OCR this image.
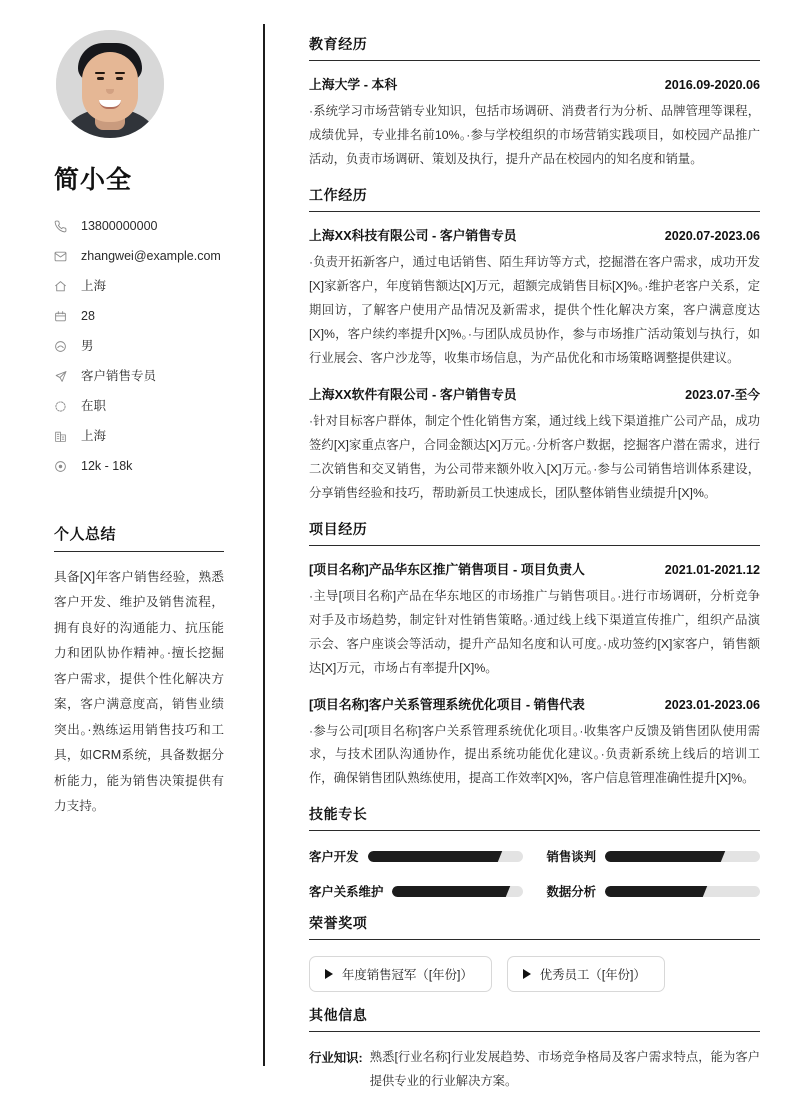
简小全
13800000000
zhangwei@example.com
上海
28
男
客户销售专员
在职
上海
12k - 18k
个人总结

具备[X]年客户销售经验，熟悉客户开发、维护及销售流程，拥有良好的沟通能力、抗压能力和团队协作精神。·擅长挖掘客户需求，提供个性化解决方案，客户满意度高，销售业绩突出。·熟练运用销售技巧和工具，如CRM系统，具备数据分析能力，能为销售决策提供有力支持。

教育经历
上海大学 - 本科	2016.09-2020.06

·系统学习市场营销专业知识，包括市场调研、消费者行为分析、品牌管理等课程，成绩优异，专业排名前10%。·参与学校组织的市场营销实践项目，如校园产品推广活动，负责市场调研、策划及执行，提升产品在校园内的知名度和销量。

工作经历
上海XX科技有限公司 - 客户销售专员	2020.07-2023.06

·负责开拓新客户，通过电话销售、陌生拜访等方式，挖掘潜在客户需求，成功开发[X]家新客户，年度销售额达[X]万元，超额完成销售目标[X]%。·维护老客户关系，定期回访，了解客户使用产品情况及新需求，提供个性化解决方案，客户满意度达[X]%，客户续约率提升[X]%。·与团队成员协作，参与市场推广活动策划与执行，如行业展会、客户沙龙等，收集市场信息，为产品优化和市场策略调整提供建议。

上海XX软件有限公司 - 客户销售专员	2023.07-至今

·针对目标客户群体，制定个性化销售方案，通过线上线下渠道推广公司产品，成功签约[X]家重点客户，合同金额达[X]万元。·分析客户数据，挖掘客户潜在需求，进行二次销售和交叉销售，为公司带来额外收入[X]万元。·参与公司销售培训体系建设，分享销售经验和技巧，帮助新员工快速成长，团队整体销售业绩提升[X]%。

项目经历
[项目名称]产品华东区推广销售项目 - 项目负责人	2021.01-2021.12

·主导[项目名称]产品在华东地区的市场推广与销售项目。·进行市场调研，分析竞争对手及市场趋势，制定针对性销售策略。·通过线上线下渠道宣传推广，组织产品演示会、客户座谈会等活动，提升产品知名度和认可度。·成功签约[X]家客户，销售额达[X]万元，市场占有率提升[X]%。

[项目名称]客户关系管理系统优化项目 - 销售代表	2023.01-2023.06

·参与公司[项目名称]客户关系管理系统优化项目。·收集客户反馈及销售团队使用需求，与技术团队沟通协作，提出系统功能优化建议。·负责新系统上线后的培训工作，确保销售团队熟练使用，提高工作效率[X]%，客户信息管理准确性提升[X]%。

技能专长
客户开发	销售谈判
客户关系维护	数据分析
荣誉奖项
年度销售冠军（[年份]）	优秀员工（[年份]）
其他信息
行业知识: 熟悉[行业名称]行业发展趋势、市场竞争格局及客户需求特点，能为客户提供专业的行业解决方案。
